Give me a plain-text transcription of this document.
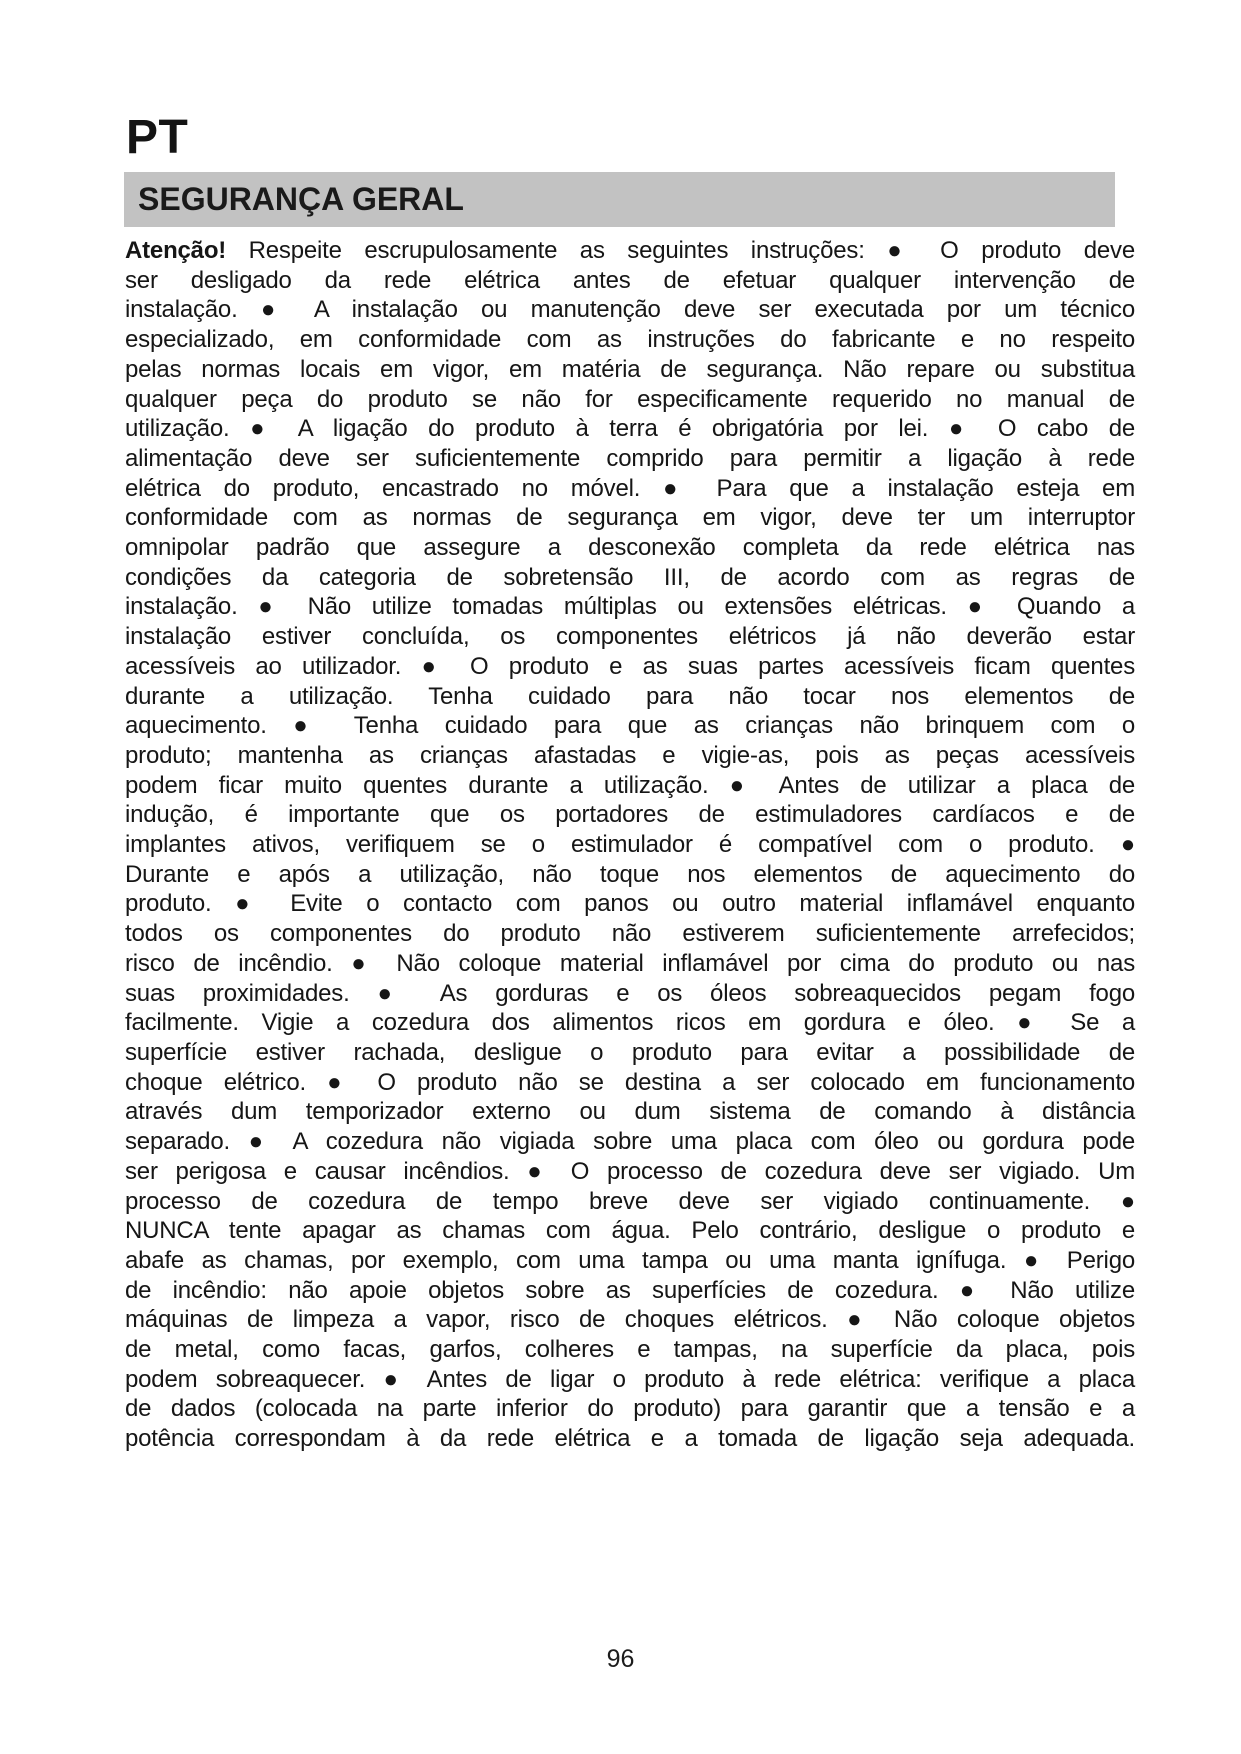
PT
SEGURANÇA GERAL
Atenção! Respeite escrupulosamente as seguintes instruções: ● O produto deve
ser desligado da rede elétrica antes de efetuar qualquer intervenção de
instalação. ● A instalação ou manutenção deve ser executada por um técnico
especializado, em conformidade com as instruções do fabricante e no respeito
pelas normas locais em vigor, em matéria de segurança. Não repare ou substitua
qualquer peça do produto se não for especificamente requerido no manual de
utilização. ● A ligação do produto à terra é obrigatória por lei. ● O cabo de
alimentação deve ser suficientemente comprido para permitir a ligação à rede
elétrica do produto, encastrado no móvel. ● Para que a instalação esteja em
conformidade com as normas de segurança em vigor, deve ter um interruptor
omnipolar padrão que assegure a desconexão completa da rede elétrica nas
condições da categoria de sobretensão III, de acordo com as regras de
instalação. ● Não utilize tomadas múltiplas ou extensões elétricas. ● Quando a
instalação estiver concluída, os componentes elétricos já não deverão estar
acessíveis ao utilizador. ● O produto e as suas partes acessíveis ficam quentes
durante a utilização. Tenha cuidado para não tocar nos elementos de
aquecimento. ● Tenha cuidado para que as crianças não brinquem com o
produto; mantenha as crianças afastadas e vigie-as, pois as peças acessíveis
podem ficar muito quentes durante a utilização. ● Antes de utilizar a placa de
indução, é importante que os portadores de estimuladores cardíacos e de
implantes ativos, verifiquem se o estimulador é compatível com o produto. ●
Durante e após a utilização, não toque nos elementos de aquecimento do
produto. ● Evite o contacto com panos ou outro material inflamável enquanto
todos os componentes do produto não estiverem suficientemente arrefecidos;
risco de incêndio. ● Não coloque material inflamável por cima do produto ou nas
suas proximidades. ● As gorduras e os óleos sobreaquecidos pegam fogo
facilmente. Vigie a cozedura dos alimentos ricos em gordura e óleo. ● Se a
superfície estiver rachada, desligue o produto para evitar a possibilidade de
choque elétrico. ● O produto não se destina a ser colocado em funcionamento
através dum temporizador externo ou dum sistema de comando à distância
separado. ● A cozedura não vigiada sobre uma placa com óleo ou gordura pode
ser perigosa e causar incêndios. ● O processo de cozedura deve ser vigiado. Um
processo de cozedura de tempo breve deve ser vigiado continuamente. ●
NUNCA tente apagar as chamas com água. Pelo contrário, desligue o produto e
abafe as chamas, por exemplo, com uma tampa ou uma manta ignífuga. ● Perigo
de incêndio: não apoie objetos sobre as superfícies de cozedura. ● Não utilize
máquinas de limpeza a vapor, risco de choques elétricos. ● Não coloque objetos
de metal, como facas, garfos, colheres e tampas, na superfície da placa, pois
podem sobreaquecer. ● Antes de ligar o produto à rede elétrica: verifique a placa
de dados (colocada na parte inferior do produto) para garantir que a tensão e a
potência correspondam à da rede elétrica e a tomada de ligação seja adequada.
96
